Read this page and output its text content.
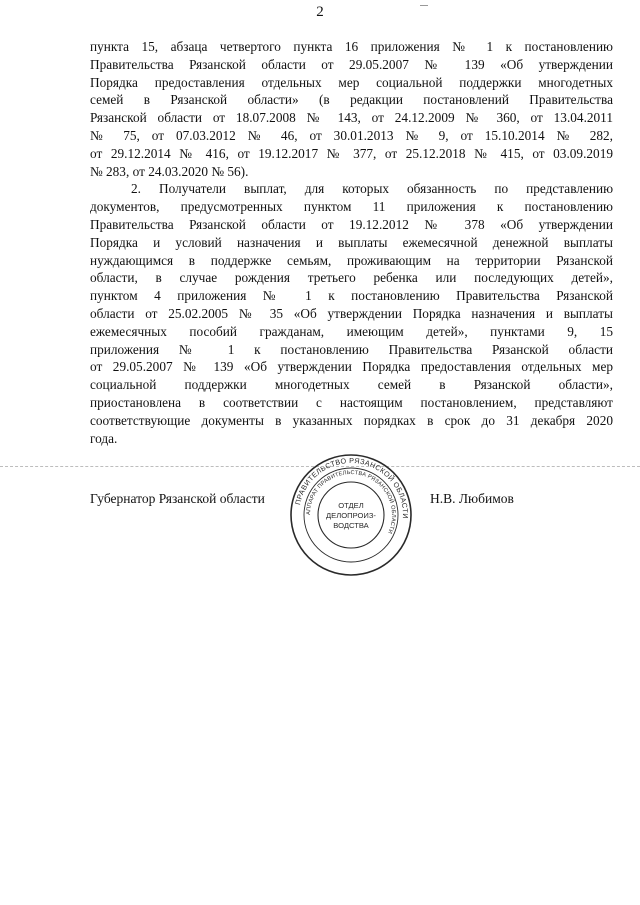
2

пункта 15, абзаца четвертого пункта 16 приложения № 1 к постановлению
Правительства Рязанской области от 29.05.2007 № 139 «Об утверждении
Порядка предоставления отдельных мер социальной поддержки многодетных
семей в Рязанской области» (в редакции постановлений Правительства
Рязанской области от 18.07.2008 № 143, от 24.12.2009 № 360, от 13.04.2011
№ 75, от 07.03.2012 № 46, от 30.01.2013 № 9, от 15.10.2014 № 282,
от 29.12.2014 № 416, от 19.12.2017 № 377, от 25.12.2018 № 415, от 03.09.2019
№ 283, от 24.03.2020 № 56).

2. Получатели выплат, для которых обязанность по представлению
документов, предусмотренных пунктом 11 приложения к постановлению
Правительства Рязанской области от 19.12.2012 № 378 «Об утверждении
Порядка и условий назначения и выплаты ежемесячной денежной выплаты
нуждающимся в поддержке семьям, проживающим на территории Рязанской
области, в случае рождения третьего ребенка или последующих детей»,
пунктом 4 приложения № 1 к постановлению Правительства Рязанской
области от 25.02.2005 № 35 «Об утверждении Порядка назначения и выплаты
ежемесячных пособий гражданам, имеющим детей», пунктами 9, 15
приложения № 1 к постановлению Правительства Рязанской области
от 29.05.2007 № 139 «Об утверждении Порядка предоставления отдельных мер
социальной поддержки многодетных семей в Рязанской области»,
приостановлена в соответствии с настоящим постановлением, представляют
соответствующие документы в указанных порядках в срок до 31 декабря 2020
года.

Губернатор Рязанской области	Н.В. Любимов
ПРАВИТЕЛЬСТВО РЯЗАНСКОЙ ОБЛАСТИ
АППАРАТ ПРАВИТЕЛЬСТВА РЯЗАНСКОЙ ОБЛАСТИ
ОТДЕЛ
ДЕЛОПРОИЗ-
ВОДСТВА
